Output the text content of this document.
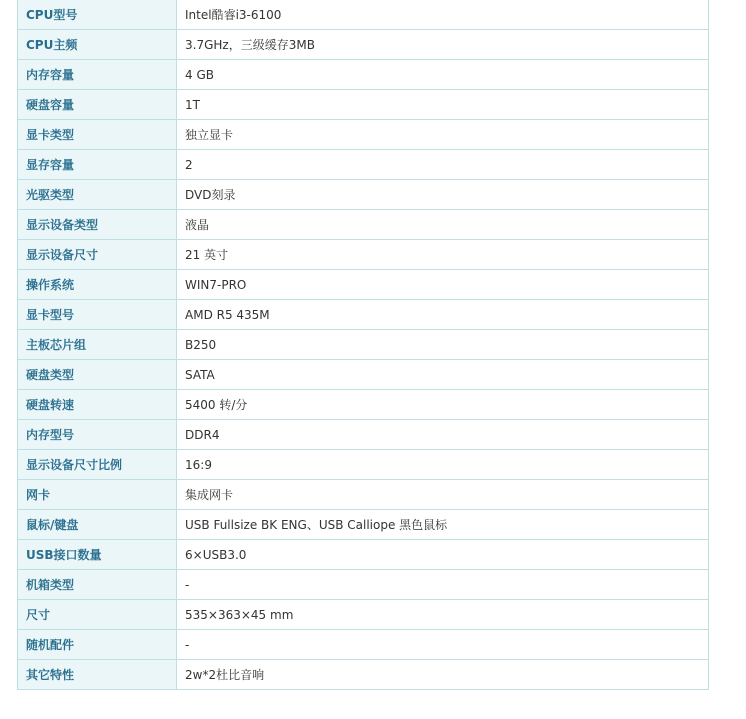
CPU型号	Intel酷睿i3-6100
CPU主频	3.7GHz，三级缓存3MB
内存容量	4 GB
硬盘容量	1T
显卡类型	独立显卡
显存容量	2
光驱类型	DVD刻录
显示设备类型	液晶
显示设备尺寸	21 英寸
操作系统	WIN7-PRO
显卡型号	AMD R5 435M
主板芯片组	B250
硬盘类型	SATA
硬盘转速	5400 转/分
内存型号	DDR4
显示设备尺寸比例	16:9
网卡	集成网卡
鼠标/键盘	USB Fullsize BK ENG、USB Calliope 黑色鼠标
USB接口数量	6×USB3.0
机箱类型	-
尺寸	535×363×45 mm
随机配件	-
其它特性	2w*2杜比音响
